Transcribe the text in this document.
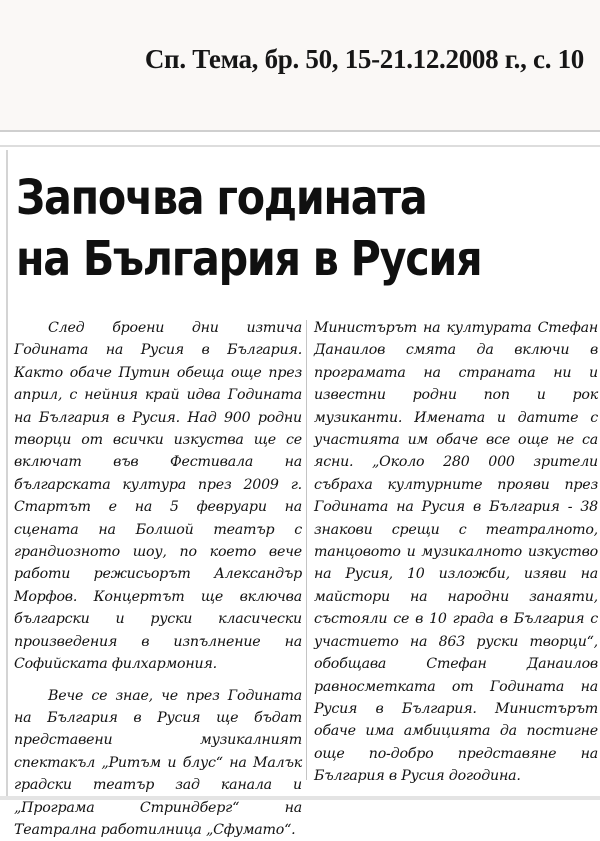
Сп. Тема, бр. 50, 15-21.12.2008 г., с. 10
Започва годината
на България в Русия

След броени дни изтича Годината на Русия в България. Както обаче Путин обеща още през април, с нейния край идва Годината на България в Русия. Над 900 родни творци от всички изкуства ще се включат във Фестивала на българската култура през 2009 г. Стартът е на 5 февруари на сцената на Болшой театър с грандиозното шоу, по което вече работи режисьорът Александър Морфов. Концертът ще включва български и руски класически произведения в изпълнение на Софийската филхармония.

Вече се знае, че през Годината на България в Русия ще бъдат представени музикалният спектакъл „Ритъм и блус“ на Малък градски театър зад канала и „Програма Стриндберг“ на Театрална работилница „Сфумато“.

Министърът на културата Стефан Данаилов смята да включи в програмата на страната ни и известни родни поп и рок музиканти. Имената и датите с участията им обаче все още не са ясни. „Около 280 000 зрители събраха културните прояви през Годината на Русия в България - 38 знакови срещи с театралното, танцовото и музикалното изкуство на Русия, 10 изложби, изяви на майстори на народни занаяти, състояли се в 10 града в България с участието на 863 руски творци“, обобщава Стефан Данаилов равносметката от Годината на Русия в България. Министърът обаче има амбицията да постигне още по-добро представяне на България в Русия догодина.
